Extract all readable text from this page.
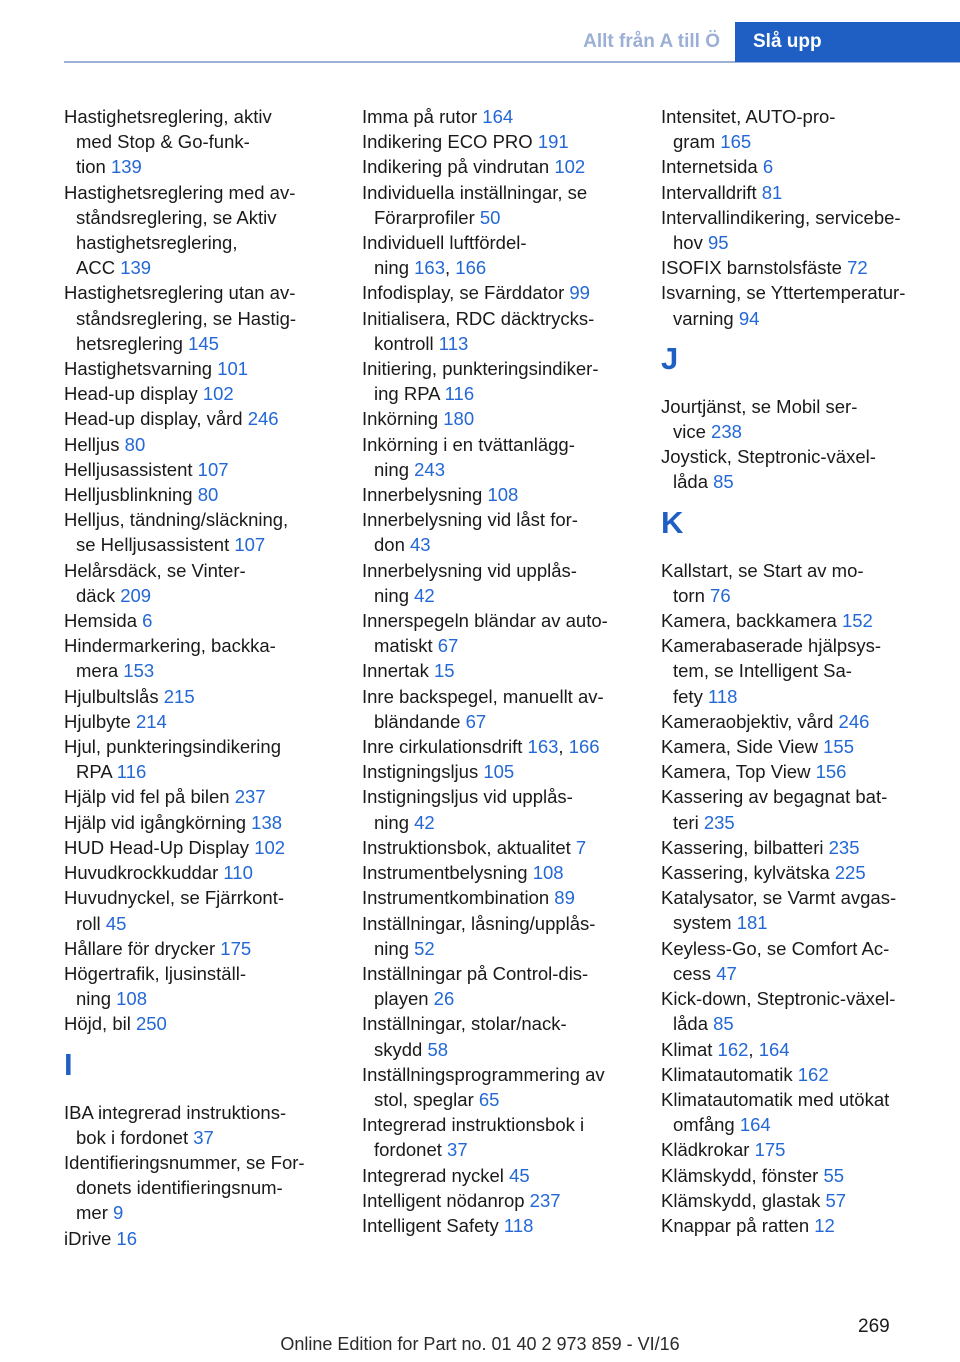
Allt från A till Ö	Slå upp
Hastighetsreglering, aktiv
med Stop & Go-funk-
tion 139
Hastighetsreglering med av-
ståndsreglering, se Aktiv
hastighetsreglering,
ACC 139
Hastighetsreglering utan av-
ståndsreglering, se Hastig-
hetsreglering 145
Hastighetsvarning 101
Head-up display 102
Head-up display, vård 246
Helljus 80
Helljusassistent 107
Helljusblinkning 80
Helljus, tändning/släckning,
se Helljusassistent 107
Helårsdäck, se Vinter-
däck 209
Hemsida 6
Hindermarkering, backka-
mera 153
Hjulbultslås 215
Hjulbyte 214
Hjul, punkteringsindikering
RPA 116
Hjälp vid fel på bilen 237
Hjälp vid igångkörning 138
HUD Head-Up Display 102
Huvudkrockkuddar 110
Huvudnyckel, se Fjärrkont-
roll 45
Hållare för drycker 175
Högertrafik, ljusinställ-
ning 108
Höjd, bil 250
I
IBA integrerad instruktions-
bok i fordonet 37
Identifieringsnummer, se For-
donets identifieringsnum-
mer 9
iDrive 16
Imma på rutor 164
Indikering ECO PRO 191
Indikering på vindrutan 102
Individuella inställningar, se
Förarprofiler 50
Individuell luftfördel-
ning 163, 166
Infodisplay, se Färddator 99
Initialisera, RDC däcktrycks-
kontroll 113
Initiering, punkteringsindiker-
ing RPA 116
Inkörning 180
Inkörning i en tvättanlägg-
ning 243
Innerbelysning 108
Innerbelysning vid låst for-
don 43
Innerbelysning vid upplås-
ning 42
Innerspegeln bländar av auto-
matiskt 67
Innertak 15
Inre backspegel, manuellt av-
bländande 67
Inre cirkulationsdrift 163, 166
Instigningsljus 105
Instigningsljus vid upplås-
ning 42
Instruktionsbok, aktualitet 7
Instrumentbelysning 108
Instrumentkombination 89
Inställningar, låsning/upplås-
ning 52
Inställningar på Control-dis-
playen 26
Inställningar, stolar/nack-
skydd 58
Inställningsprogrammering av
stol, speglar 65
Integrerad instruktionsbok i
fordonet 37
Integrerad nyckel 45
Intelligent nödanrop 237
Intelligent Safety 118
Intensitet, AUTO-pro-
gram 165
Internetsida 6
Intervalldrift 81
Intervallindikering, servicebe-
hov 95
ISOFIX barnstolsfäste 72
Isvarning, se Yttertemperatur-
varning 94
J
Jourtjänst, se Mobil ser-
vice 238
Joystick, Steptronic-växel-
låda 85
K
Kallstart, se Start av mo-
torn 76
Kamera, backkamera 152
Kamerabaserade hjälpsys-
tem, se Intelligent Sa-
fety 118
Kameraobjektiv, vård 246
Kamera, Side View 155
Kamera, Top View 156
Kassering av begagnat bat-
teri 235
Kassering, bilbatteri 235
Kassering, kylvätska 225
Katalysator, se Varmt avgas-
system 181
Keyless-Go, se Comfort Ac-
cess 47
Kick-down, Steptronic-växel-
låda 85
Klimat 162, 164
Klimatautomatik 162
Klimatautomatik med utökat
omfång 164
Klädkrokar 175
Klämskydd, fönster 55
Klämskydd, glastak 57
Knappar på ratten 12
269
Online Edition for Part no. 01 40 2 973 859 - VI/16
